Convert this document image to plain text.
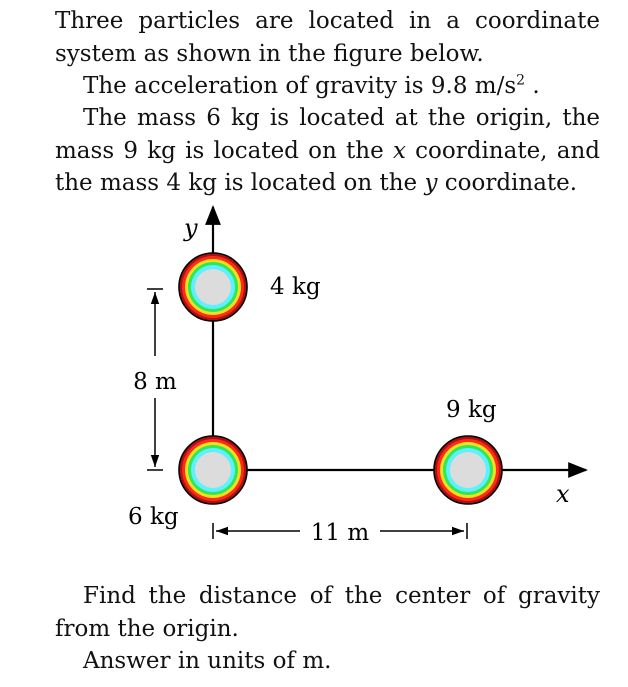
Three particles are located in a coordinate system as shown in the figure below.
The acceleration of gravity is 9.8 $m/s^2$ .
The mass 6 kg is located at the origin, the mass 9 kg is located on the x coordinate, and the mass 4 kg is located on the y coordinate.
y
x
8 m
11 m
4 kg
9 kg
6 kg
Find the distance of the center of gravity from the origin.
Answer in units of m.
